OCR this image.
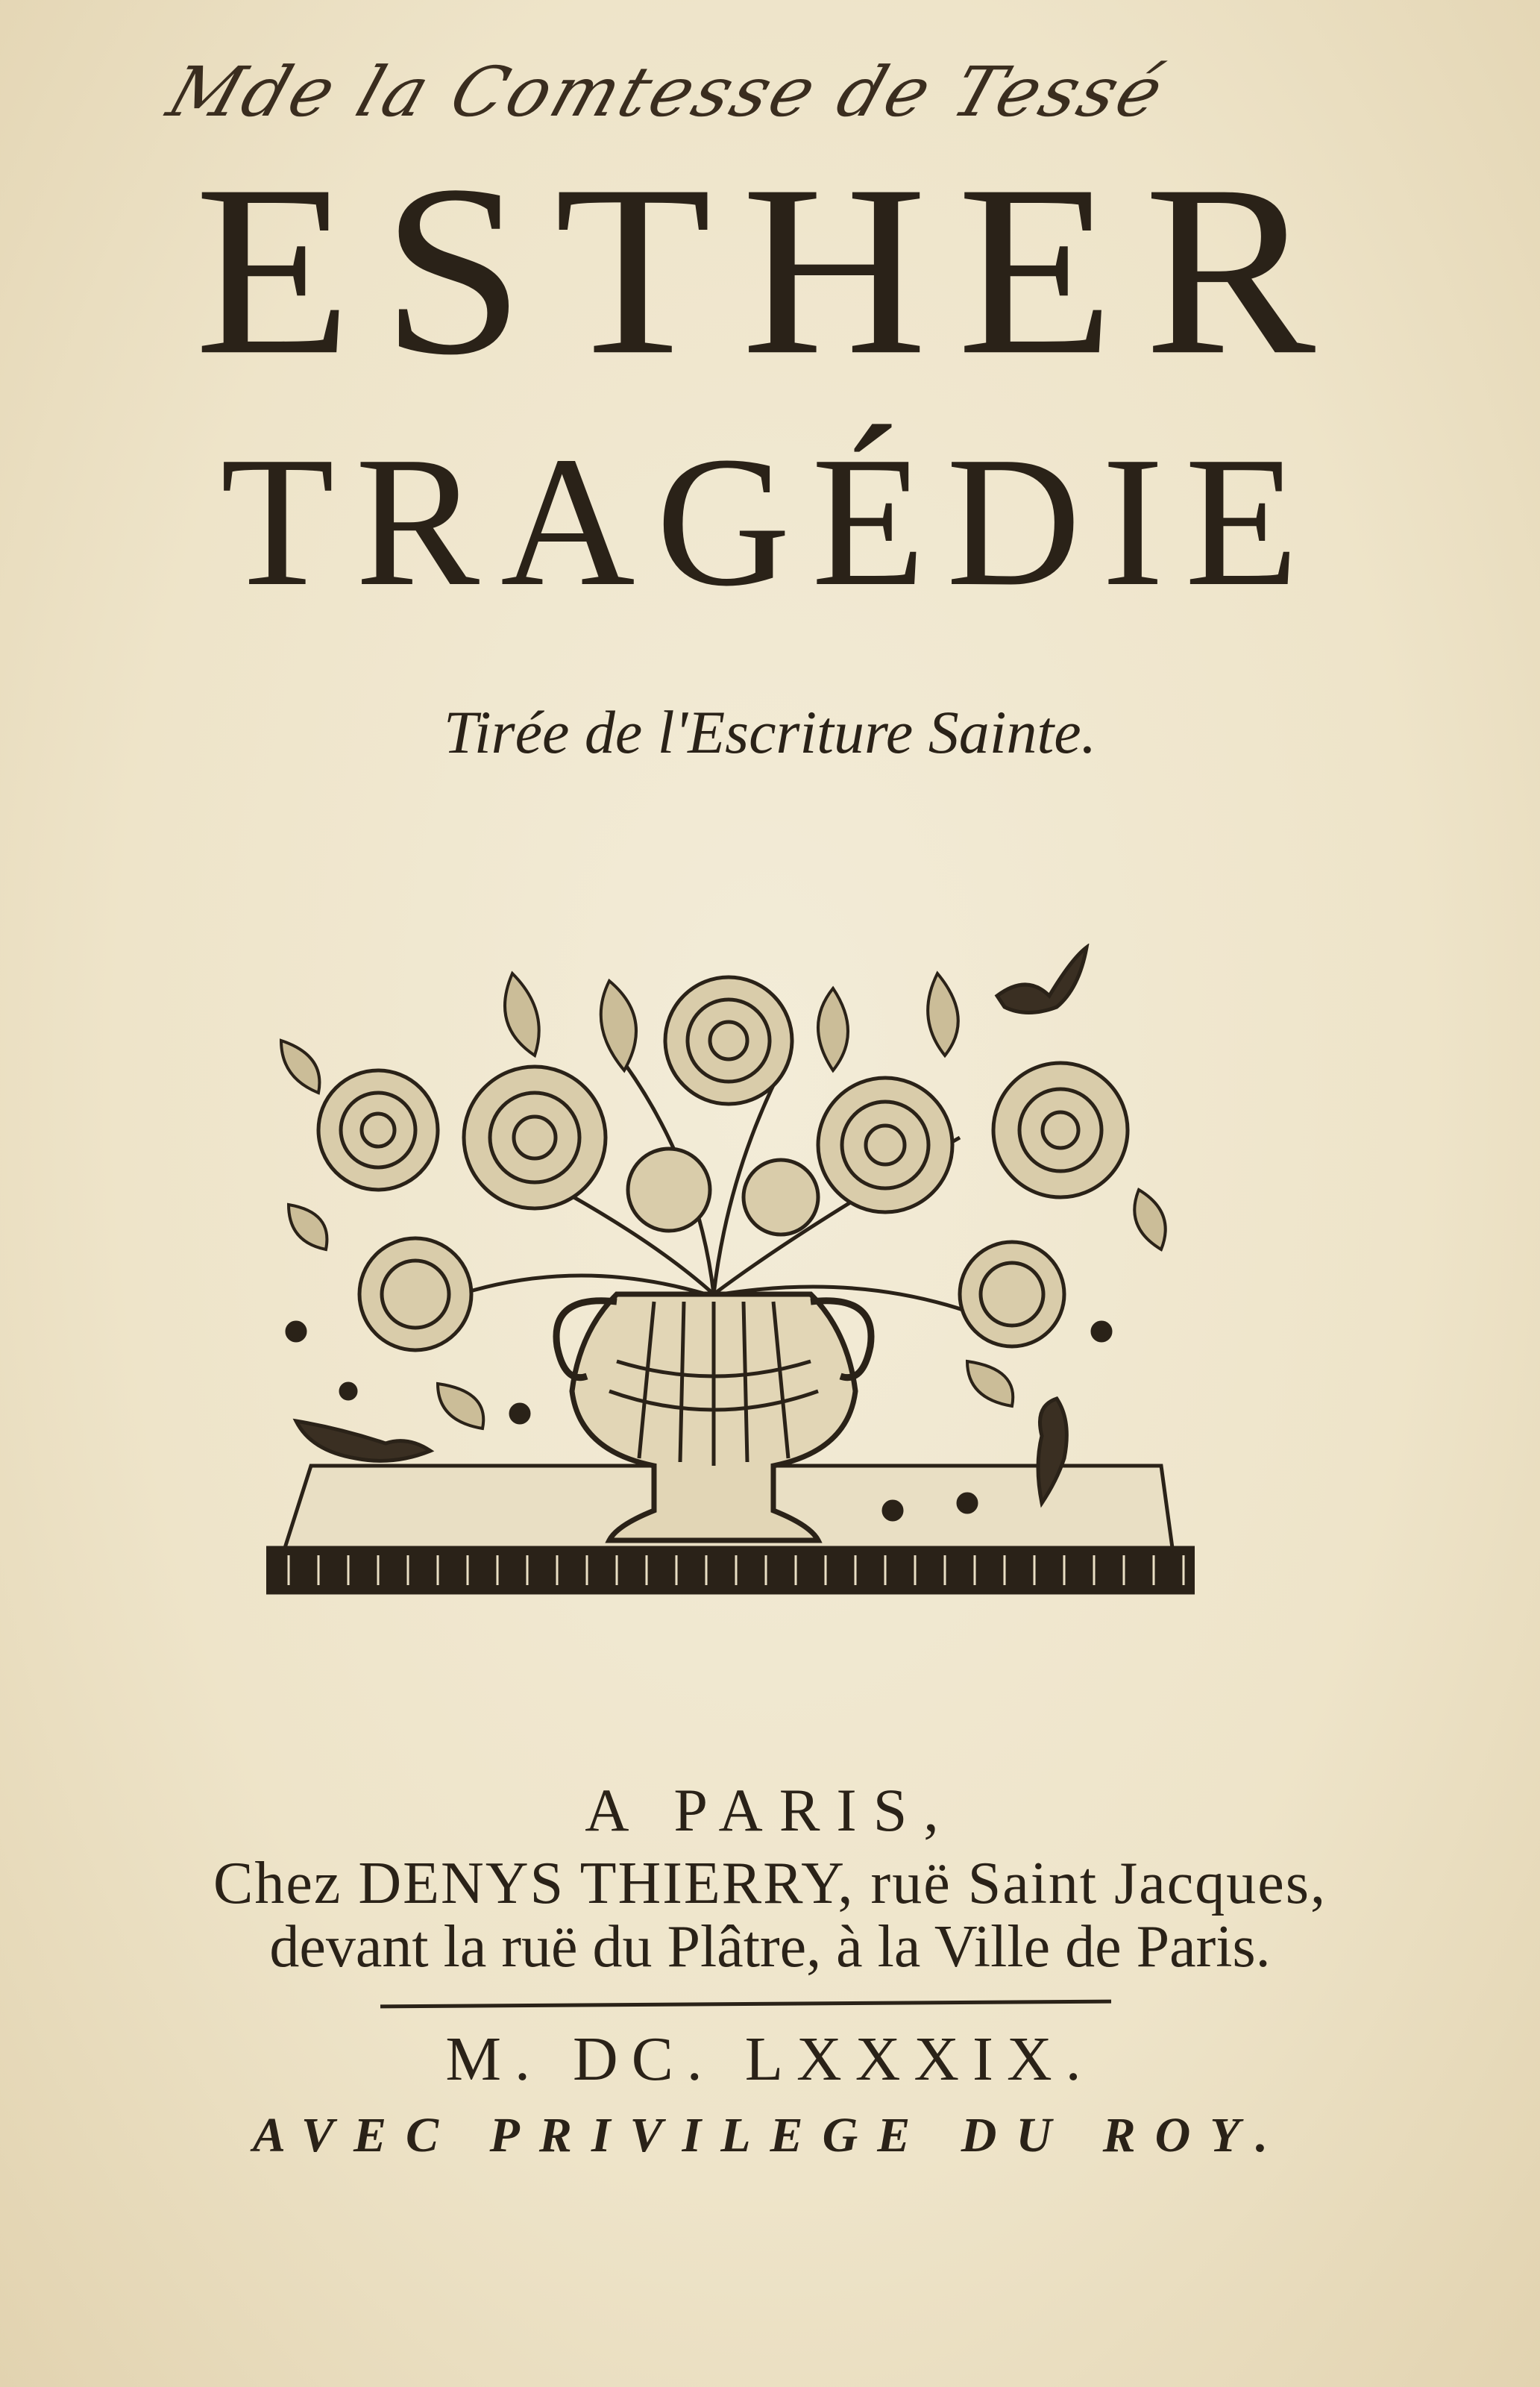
Mde la Comtesse de Tessé
ESTHER
TRAGÉDIE
Tirée de l'Escriture Sainte.
A PARIS,
Chez DENYS THIERRY, ruë Saint Jacques,
devant la ruë du Plâtre, à la Ville de Paris.
M. DC. LXXXIX.
AVEC PRIVILEGE DU ROY.
